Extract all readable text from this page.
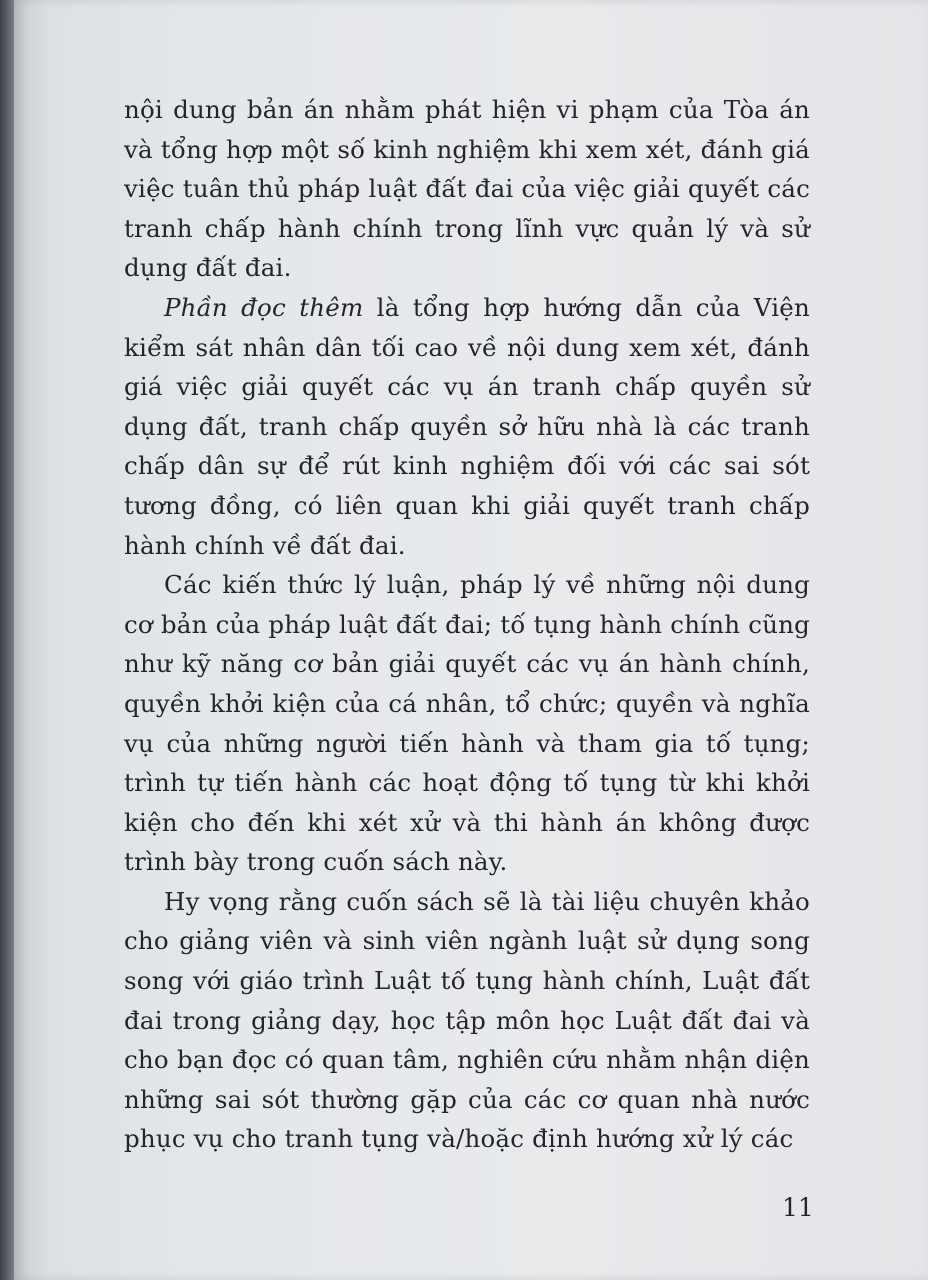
nội dung bản án nhằm phát hiện vi phạm của Tòa án và tổng hợp một số kinh nghiệm khi xem xét, đánh giá việc tuân thủ pháp luật đất đai của việc giải quyết các tranh chấp hành chính trong lĩnh vực quản lý và sử dụng đất đai.

Phần đọc thêm là tổng hợp hướng dẫn của Viện kiểm sát nhân dân tối cao về nội dung xem xét, đánh giá việc giải quyết các vụ án tranh chấp quyền sử dụng đất, tranh chấp quyền sở hữu nhà là các tranh chấp dân sự để rút kinh nghiệm đối với các sai sót tương đồng, có liên quan khi giải quyết tranh chấp hành chính về đất đai.

Các kiến thức lý luận, pháp lý về những nội dung cơ bản của pháp luật đất đai; tố tụng hành chính cũng như kỹ năng cơ bản giải quyết các vụ án hành chính, quyền khởi kiện của cá nhân, tổ chức; quyền và nghĩa vụ của những người tiến hành và tham gia tố tụng; trình tự tiến hành các hoạt động tố tụng từ khi khởi kiện cho đến khi xét xử và thi hành án không được trình bày trong cuốn sách này.

Hy vọng rằng cuốn sách sẽ là tài liệu chuyên khảo cho giảng viên và sinh viên ngành luật sử dụng song song với giáo trình Luật tố tụng hành chính, Luật đất đai trong giảng dạy, học tập môn học Luật đất đai và cho bạn đọc có quan tâm, nghiên cứu nhằm nhận diện những sai sót thường gặp của các cơ quan nhà nước phục vụ cho tranh tụng và/hoặc định hướng xử lý các

11
